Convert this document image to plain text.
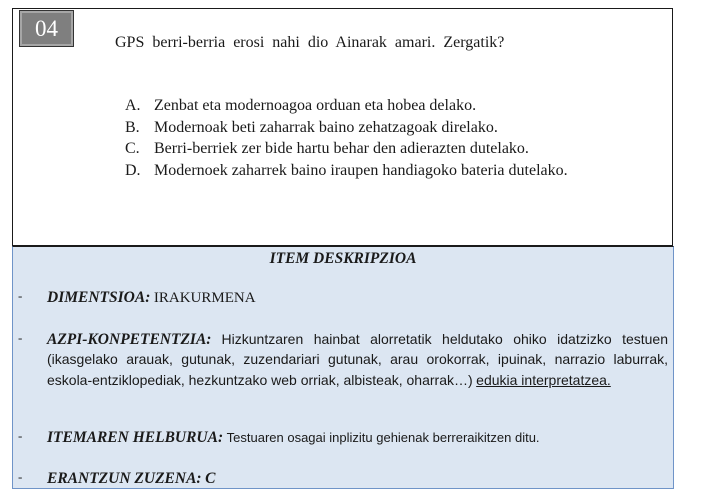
04
GPS berri-berria erosi nahi dio Ainarak amari. Zergatik?
A. Zenbat eta modernoagoa orduan eta hobea delako.
B. Modernoak beti zaharrak baino zehatzagoak direlako.
C. Berri-berriek zer bide hartu behar den adierazten dutelako.
D. Modernoek zaharrek baino iraupen handiagoko bateria dutelako.
ITEM DESKRIPZIOA
- DIMENTSIOA: IRAKURMENA
- AZPI-KONPETENTZIA: Hizkuntzaren hainbat alorretatik heldutako ohiko idatzizko testuen (ikasgelako arauak, gutunak, zuzendariari gutunak, arau orokorrak, ipuinak, narrazio laburrak, eskola-entziklopediak, hezkuntzako web orriak, albisteak, oharrak…) edukia interpretatzea.
- ITEMAREN HELBURUA: Testuaren osagai inplizitu gehienak berreraikitzen ditu.
- ERANTZUN ZUZENA: C
